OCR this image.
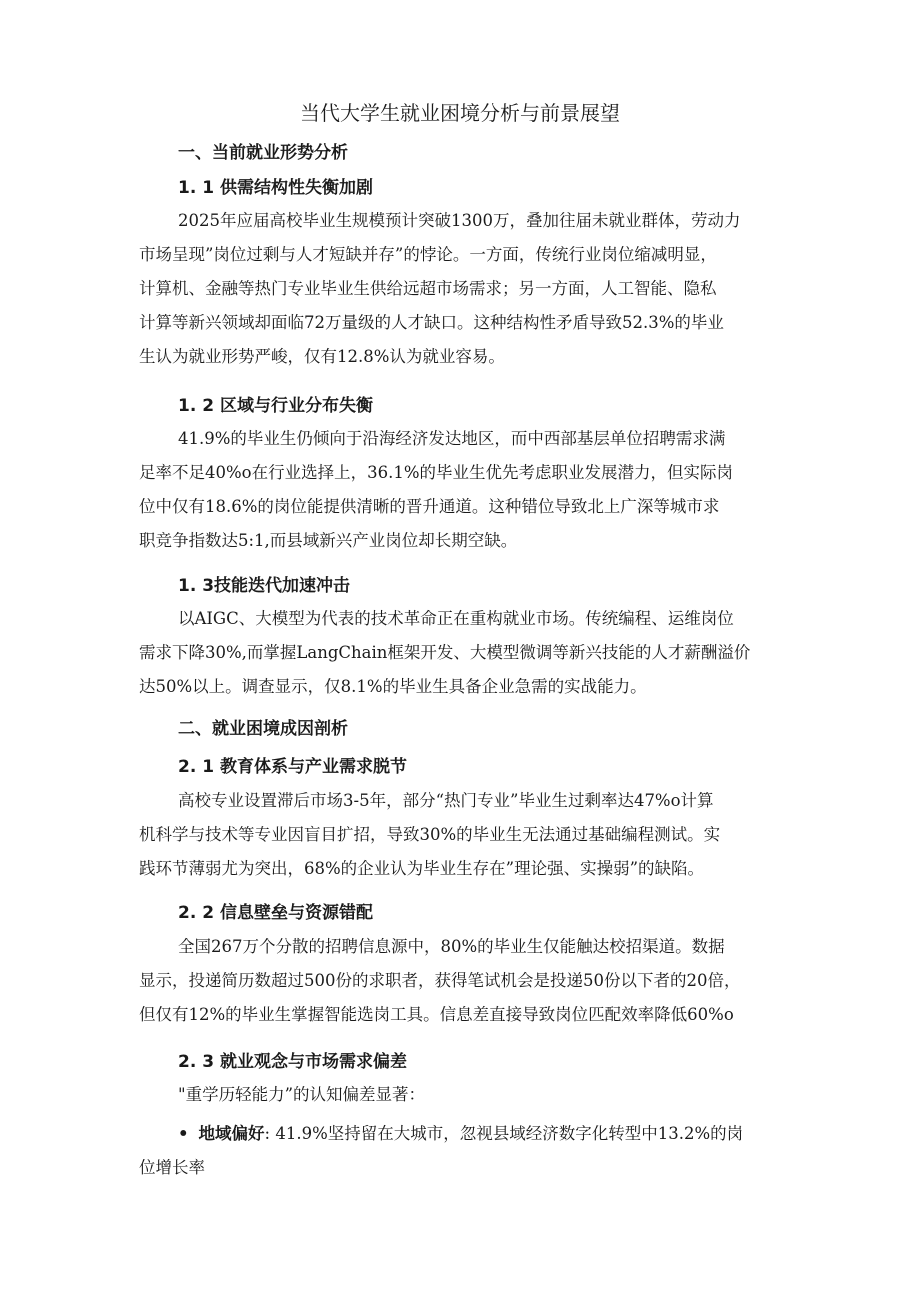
当代大学生就业困境分析与前景展望
一、当前就业形势分析
1. 1 供需结构性失衡加剧
2025年应届高校毕业生规模预计突破1300万，叠加往届未就业群体，劳动力
市场呈现”岗位过剩与人才短缺并存”的悖论。一方面，传统行业岗位缩减明显，
计算机、金融等热门专业毕业生供给远超市场需求；另一方面，人工智能、隐私
计算等新兴领域却面临72万量级的人才缺口。这种结构性矛盾导致52.3%的毕业
生认为就业形势严峻，仅有12.8%认为就业容易。
1. 2 区域与行业分布失衡
41.9%的毕业生仍倾向于沿海经济发达地区，而中西部基层单位招聘需求满
足率不足40%o在行业选择上，36.1%的毕业生优先考虑职业发展潜力，但实际岗
位中仅有18.6%的岗位能提供清晰的晋升通道。这种错位导致北上广深等城市求
职竞争指数达5:1,而县域新兴产业岗位却长期空缺。
1. 3技能迭代加速冲击
以AIGC、大模型为代表的技术革命正在重构就业市场。传统编程、运维岗位
需求下降30%,而掌握LangChain框架开发、大模型微调等新兴技能的人才薪酬溢价
达50%以上。调查显示，仅8.1%的毕业生具备企业急需的实战能力。
二、就业困境成因剖析
2. 1 教育体系与产业需求脱节
高校专业设置滞后市场3-5年，部分“热门专业”毕业生过剩率达47%o计算
机科学与技术等专业因盲目扩招，导致30%的毕业生无法通过基础编程测试。实
践环节薄弱尤为突出，68%的企业认为毕业生存在”理论强、实操弱”的缺陷。
2. 2 信息壁垒与资源错配
全国267万个分散的招聘信息源中，80%的毕业生仅能触达校招渠道。数据
显示，投递简历数超过500份的求职者，获得笔试机会是投递50份以下者的20倍，
但仅有12%的毕业生掌握智能选岗工具。信息差直接导致岗位匹配效率降低60%o
2. 3 就业观念与市场需求偏差
"重学历轻能力”的认知偏差显著：
• 地域偏好: 41.9%坚持留在大城市，忽视县域经济数字化转型中13.2%的岗
位增长率
